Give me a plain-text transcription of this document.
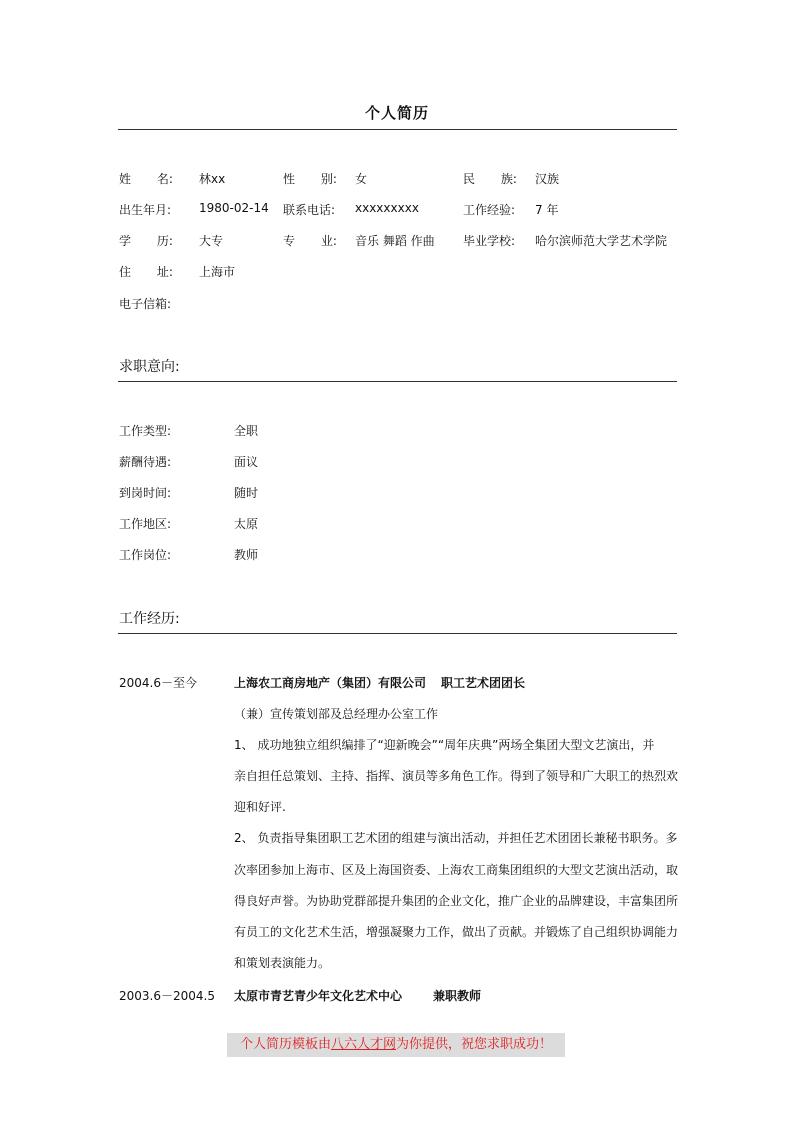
个人简历
姓 名: 林xx	性 别: 女	民 族: 汉族
出生年月: 1980-02-14 联系电话: xxxxxxxxx	工作经验: 7 年
学 历: 大专	专 业: 音乐 舞蹈 作曲 毕业学校: 哈尔滨师范大学艺术学院
住 址: 上海市
电子信箱:
求职意向:
工作类型:	全职
薪酬待遇:	面议
到岗时间:	随时
工作地区:	太原
工作岗位:	教师
工作经历:
2004.6－至今	上海农工商房地产（集团）有限公司 职工艺术团团长
（兼）宣传策划部及总经理办公室工作
1、 成功地独立组织编排了“迎新晚会”“周年庆典”两场全集团大型文艺演出，并
亲自担任总策划、主持、指挥、演员等多角色工作。得到了领导和广大职工的热烈欢
迎和好评.
2、 负责指导集团职工艺术团的组建与演出活动，并担任艺术团团长兼秘书职务。多
次率团参加上海市、区及上海国资委、上海农工商集团组织的大型文艺演出活动，取
得良好声誉。为协助党群部提升集团的企业文化，推广企业的品牌建设，丰富集团所
有员工的文化艺术生活，增强凝聚力工作，做出了贡献。并锻炼了自己组织协调能力
和策划表演能力。
2003.6－2004.5 太原市青艺青少年文化艺术中心	兼职教师
个人简历模板由八六人才网为你提供，祝您求职成功！
